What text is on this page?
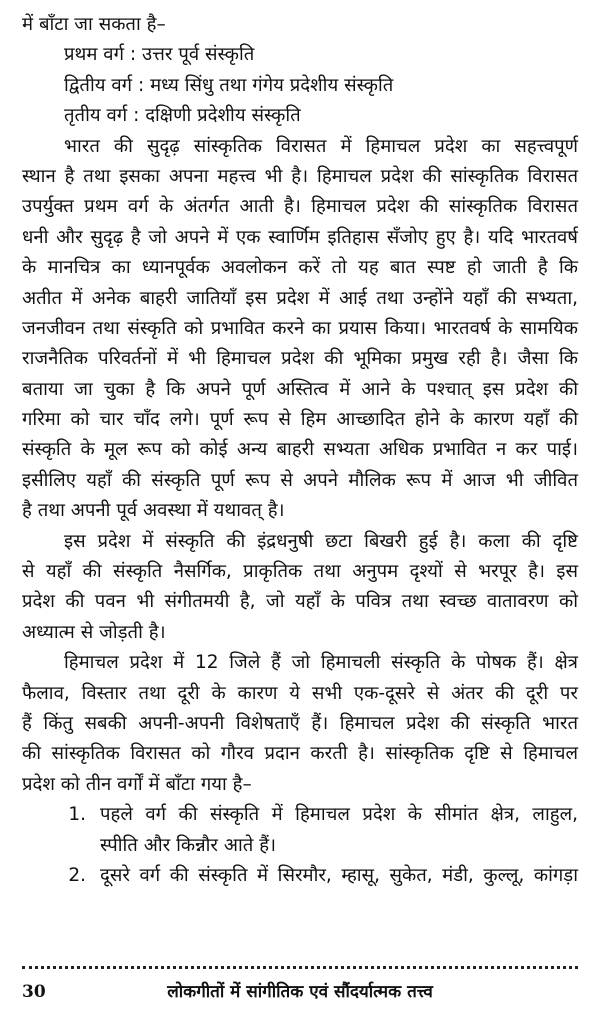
में बाँटा जा सकता है–
प्रथम वर्ग : उत्तर पूर्व संस्कृति
द्वितीय वर्ग : मध्य सिंधु तथा गंगेय प्रदेशीय संस्कृति
तृतीय वर्ग : दक्षिणी प्रदेशीय संस्कृति
भारत की सुदृढ़ सांस्कृतिक विरासत में हिमाचल प्रदेश का सहत्त्वपूर्ण
स्थान है तथा इसका अपना महत्त्व भी है। हिमाचल प्रदेश की सांस्कृतिक विरासत
उपर्युक्त प्रथम वर्ग के अंतर्गत आती है। हिमाचल प्रदेश की सांस्कृतिक विरासत
धनी और सुदृढ़ है जो अपने में एक स्वार्णिम इतिहास सँजोए हुए है। यदि भारतवर्ष
के मानचित्र का ध्यानपूर्वक अवलोकन करें तो यह बात स्पष्ट हो जाती है कि
अतीत में अनेक बाहरी जातियाँ इस प्रदेश में आई तथा उन्होंने यहाँ की सभ्यता,
जनजीवन तथा संस्कृति को प्रभावित करने का प्रयास किया। भारतवर्ष के सामयिक
राजनैतिक परिवर्तनों में भी हिमाचल प्रदेश की भूमिका प्रमुख रही है। जैसा कि
बताया जा चुका है कि अपने पूर्ण अस्तित्व में आने के पश्चात् इस प्रदेश की
गरिमा को चार चाँद लगे। पूर्ण रूप से हिम आच्छादित होने के कारण यहाँ की
संस्कृति के मूल रूप को कोई अन्य बाहरी सभ्यता अधिक प्रभावित न कर पाई।
इसीलिए यहाँ की संस्कृति पूर्ण रूप से अपने मौलिक रूप में आज भी जीवित
है तथा अपनी पूर्व अवस्था में यथावत् है।
इस प्रदेश में संस्कृति की इंद्रधनुषी छटा बिखरी हुई है। कला की दृष्टि
से यहाँ की संस्कृति नैसर्गिक, प्राकृतिक तथा अनुपम दृश्यों से भरपूर है। इस
प्रदेश की पवन भी संगीतमयी है, जो यहाँ के पवित्र तथा स्वच्छ वातावरण को
अध्यात्म से जोड़ती है।
हिमाचल प्रदेश में 12 जिले हैं जो हिमाचली संस्कृति के पोषक हैं। क्षेत्र
फैलाव, विस्तार तथा दूरी के कारण ये सभी एक-दूसरे से अंतर की दूरी पर
हैं किंतु सबकी अपनी-अपनी विशेषताएँ हैं। हिमाचल प्रदेश की संस्कृति भारत
की सांस्कृतिक विरासत को गौरव प्रदान करती है। सांस्कृतिक दृष्टि से हिमाचल
प्रदेश को तीन वर्गों में बाँटा गया है–
1. पहले वर्ग की संस्कृति में हिमाचल प्रदेश के सीमांत क्षेत्र, लाहुल,
स्पीति और किन्नौर आते हैं।
2. दूसरे वर्ग की संस्कृति में सिरमौर, म्हासू, सुकेत, मंडी, कुल्लू, कांगड़ा
30	लोकगीतों में सांगीतिक एवं सौंदर्यात्मक तत्त्व
